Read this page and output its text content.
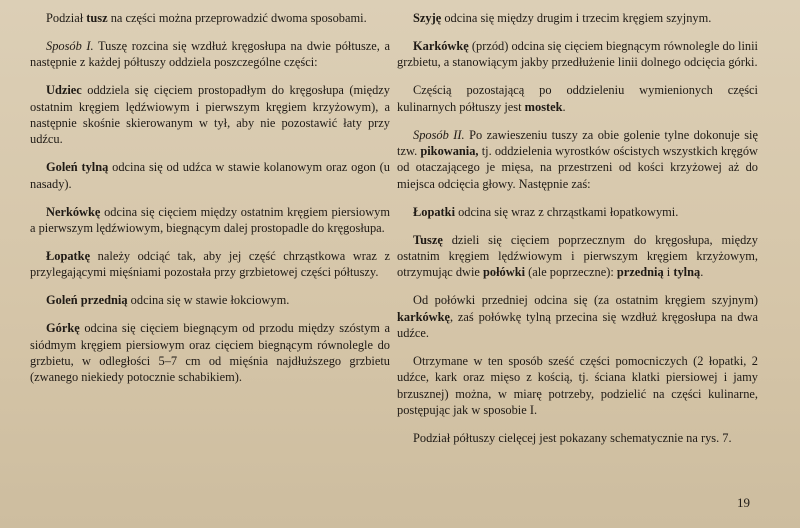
Podział tusz na części można przeprowadzić dwoma sposobami.

Sposób I. Tuszę rozcina się wzdłuż kręgosłupa na dwie półtusze, a następnie z każdej półtuszy oddziela poszczególne części:

Udziec oddziela się cięciem prostopadłym do kręgosłupa (między ostatnim kręgiem lędźwiowym i pierwszym kręgiem krzyżowym), a następnie skośnie skierowanym w tył, aby nie pozostawić łaty przy udźcu.

Goleń tylną odcina się od udźca w stawie kolanowym oraz ogon (u nasady).

Nerkówkę odcina się cięciem między ostatnim kręgiem piersiowym a pierwszym lędźwiowym, biegnącym dalej prostopadle do kręgosłupa.

Łopatkę należy odciąć tak, aby jej część chrząstkowa wraz z przylegającymi mięśniami pozostała przy grzbietowej części półtuszy.

Goleń przednią odcina się w stawie łokciowym.

Górkę odcina się cięciem biegnącym od przodu między szóstym a siódmym kręgiem piersiowym oraz cięciem biegnącym równolegle do grzbietu, w odległości 5–7 cm od mięśnia najdłuższego grzbietu (zwanego niekiedy potocznie schabikiem).

Szyję odcina się między drugim i trzecim kręgiem szyjnym.

Karkówkę (przód) odcina się cięciem biegnącym równolegle do linii grzbietu, a stanowiącym jakby przedłużenie linii dolnego odcięcia górki.

Częścią pozostającą po oddzieleniu wymienionych części kulinarnych półtuszy jest mostek.

Sposób II. Po zawieszeniu tuszy za obie golenie tylne dokonuje się tzw. pikowania, tj. oddzielenia wyrostków ościstych wszystkich kręgów od otaczającego je mięsa, na przestrzeni od kości krzyżowej aż do miejsca odcięcia głowy. Następnie zaś:

Łopatki odcina się wraz z chrząstkami łopatkowymi.

Tuszę dzieli się cięciem poprzecznym do kręgosłupa, między ostatnim kręgiem lędźwiowym i pierwszym kręgiem krzyżowym, otrzymując dwie połówki (ale poprzeczne): przednią i tylną.

Od połówki przedniej odcina się (za ostatnim kręgiem szyjnym) karkówkę, zaś połówkę tylną przecina się wzdłuż kręgosłupa na dwa udźce.

Otrzymane w ten sposób sześć części pomocniczych (2 łopatki, 2 udźce, kark oraz mięso z kością, tj. ściana klatki piersiowej i jamy brzusznej) można, w miarę potrzeby, podzielić na części kulinarne, postępując jak w sposobie I.

Podział półtuszy cielęcej jest pokazany schematycznie na rys. 7.

19
